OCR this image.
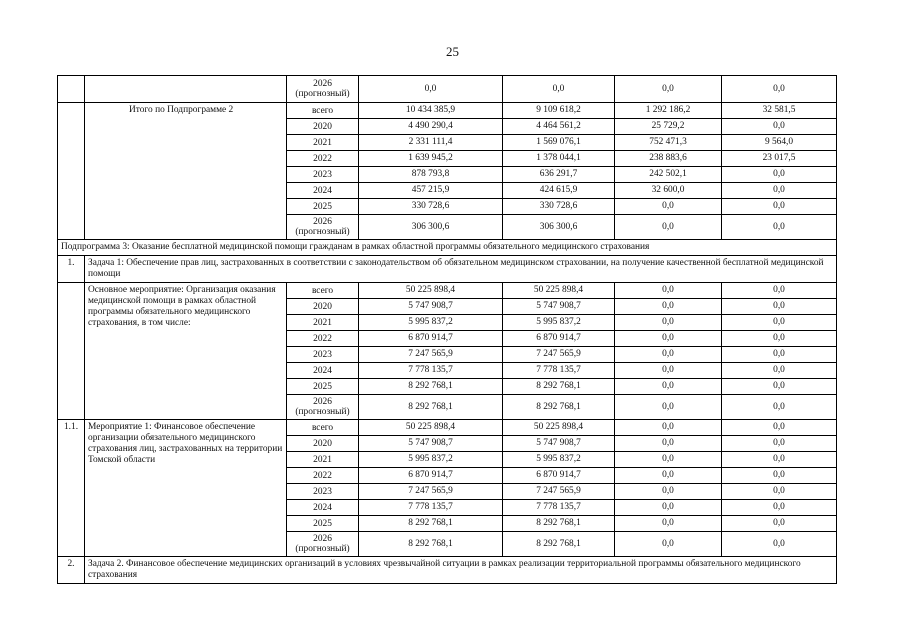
25
		2026 (прогнозный)	0,0	0,0	0,0	0,0
	Итого по Подпрограмме 2	всего	10 434 385,9	9 109 618,2	1 292 186,2	32 581,5
		2020	4 490 290,4	4 464 561,2	25 729,2	0,0
		2021	2 331 111,4	1 569 076,1	752 471,3	9 564,0
		2022	1 639 945,2	1 378 044,1	238 883,6	23 017,5
		2023	878 793,8	636 291,7	242 502,1	0,0
		2024	457 215,9	424 615,9	32 600,0	0,0
		2025	330 728,6	330 728,6	0,0	0,0
		2026 (прогнозный)	306 300,6	306 300,6	0,0	0,0
Подпрограмма 3: Оказание бесплатной медицинской помощи гражданам в рамках областной программы обязательного медицинского страхования						
1.	Задача 1: Обеспечение прав лиц, застрахованных в соответствии с законодательством об обязательном медицинском страховании, на получение качественной бесплатной медицинской помощи					
	Основное мероприятие: Организация оказания медицинской помощи в рамках областной программы обязательного медицинского страхования, в том числе:	всего	50 225 898,4	50 225 898,4	0,0	0,0
		2020	5 747 908,7	5 747 908,7	0,0	0,0
		2021	5 995 837,2	5 995 837,2	0,0	0,0
		2022	6 870 914,7	6 870 914,7	0,0	0,0
		2023	7 247 565,9	7 247 565,9	0,0	0,0
		2024	7 778 135,7	7 778 135,7	0,0	0,0
		2025	8 292 768,1	8 292 768,1	0,0	0,0
		2026 (прогнозный)	8 292 768,1	8 292 768,1	0,0	0,0
1.1.	Мероприятие 1: Финансовое обеспечение организации обязательного медицинского страхования лиц, застрахованных на территории Томской области	всего	50 225 898,4	50 225 898,4	0,0	0,0
		2020	5 747 908,7	5 747 908,7	0,0	0,0
		2021	5 995 837,2	5 995 837,2	0,0	0,0
		2022	6 870 914,7	6 870 914,7	0,0	0,0
		2023	7 247 565,9	7 247 565,9	0,0	0,0
		2024	7 778 135,7	7 778 135,7	0,0	0,0
		2025	8 292 768,1	8 292 768,1	0,0	0,0
		2026 (прогнозный)	8 292 768,1	8 292 768,1	0,0	0,0
2.	Задача 2. Финансовое обеспечение медицинских организаций в условиях чрезвычайной ситуации в рамках реализации территориальной программы обязательного медицинского страхования					
